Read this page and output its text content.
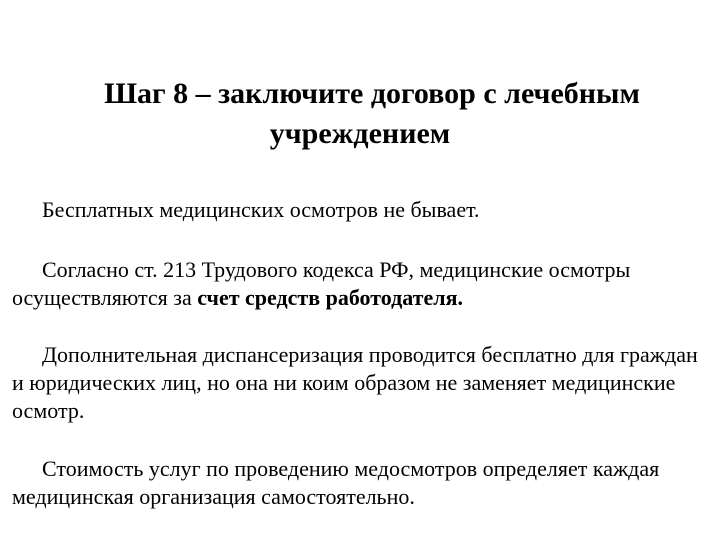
Шаг 8 – заключите договор с лечебным
учреждением

Бесплатных медицинских осмотров не бывает.

Согласно ст. 213 Трудового кодекса РФ, медицинские осмотры осуществляются за счет средств работодателя.

Дополнительная диспансеризация проводится бесплатно для граждан и юридических лиц, но она ни коим образом не заменяет медицинские осмотр.

Стоимость услуг по проведению медосмотров определяет каждая медицинская организация самостоятельно.
